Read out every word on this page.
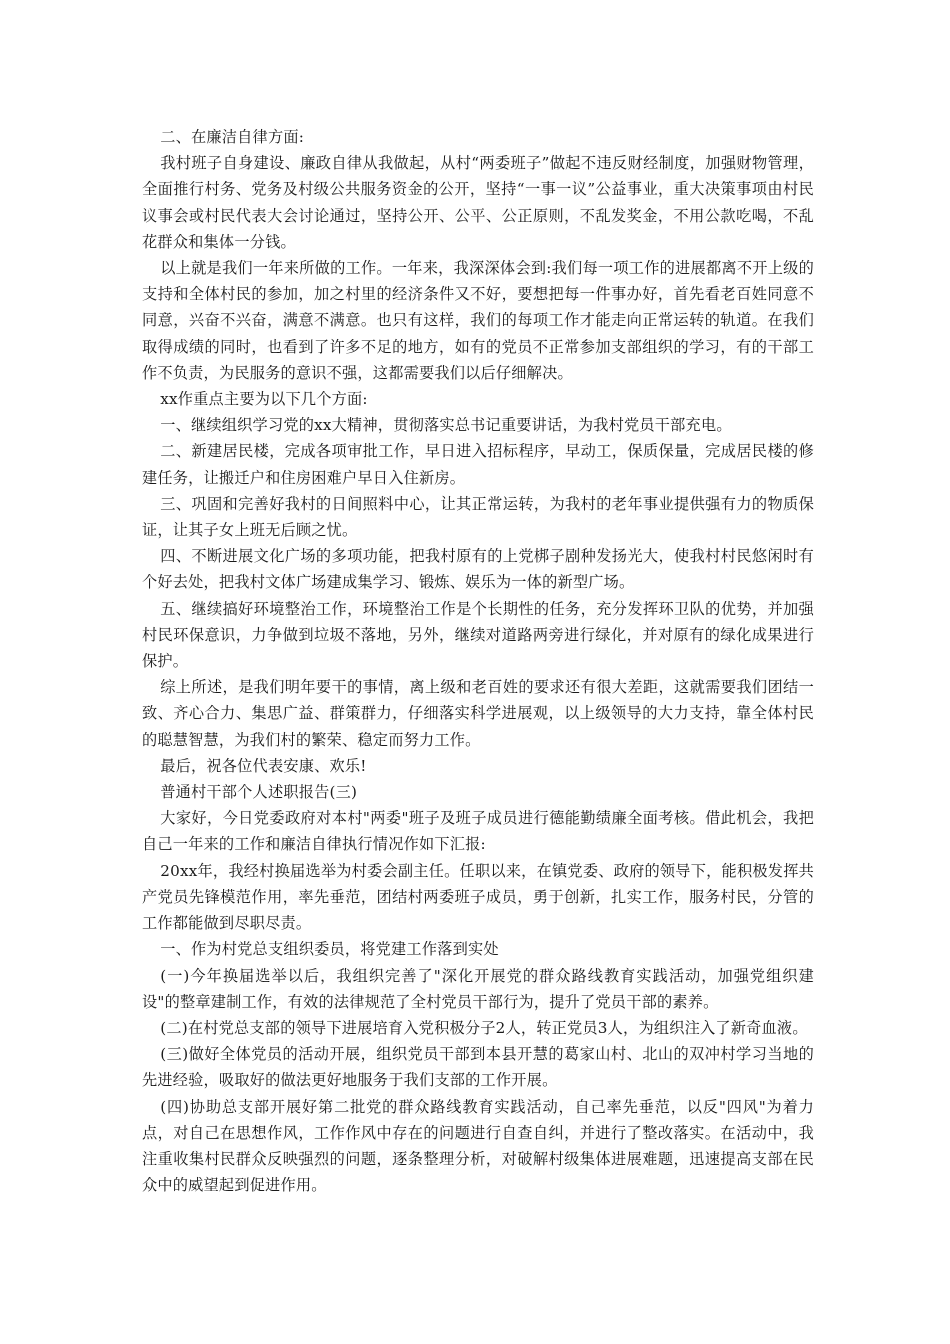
二、在廉洁自律方面:

我村班子自身建设、廉政自律从我做起，从村“两委班子”做起不违反财经制度，加强财物管理，全面推行村务、党务及村级公共服务资金的公开，坚持“一事一议”公益事业，重大决策事项由村民议事会或村民代表大会讨论通过，坚持公开、公平、公正原则，不乱发奖金，不用公款吃喝，不乱花群众和集体一分钱。

以上就是我们一年来所做的工作。一年来，我深深体会到:我们每一项工作的进展都离不开上级的支持和全体村民的参加，加之村里的经济条件又不好，要想把每一件事办好，首先看老百姓同意不同意，兴奋不兴奋，满意不满意。也只有这样，我们的每项工作才能走向正常运转的轨道。在我们取得成绩的同时，也看到了许多不足的地方，如有的党员不正常参加支部组织的学习，有的干部工作不负责，为民服务的意识不强，这都需要我们以后仔细解决。

xx作重点主要为以下几个方面:

一、继续组织学习党的xx大精神，贯彻落实总书记重要讲话，为我村党员干部充电。

二、新建居民楼，完成各项审批工作，早日进入招标程序，早动工，保质保量，完成居民楼的修建任务，让搬迁户和住房困难户早日入住新房。

三、巩固和完善好我村的日间照料中心，让其正常运转，为我村的老年事业提供强有力的物质保证，让其子女上班无后顾之忧。

四、不断进展文化广场的多项功能，把我村原有的上党梆子剧种发扬光大，使我村村民悠闲时有个好去处，把我村文体广场建成集学习、锻炼、娱乐为一体的新型广场。

五、继续搞好环境整治工作，环境整治工作是个长期性的任务，充分发挥环卫队的优势，并加强村民环保意识，力争做到垃圾不落地，另外，继续对道路两旁进行绿化，并对原有的绿化成果进行保护。

综上所述，是我们明年要干的事情，离上级和老百姓的要求还有很大差距，这就需要我们团结一致、齐心合力、集思广益、群策群力，仔细落实科学进展观，以上级领导的大力支持，靠全体村民的聪慧智慧，为我们村的繁荣、稳定而努力工作。

最后，祝各位代表安康、欢乐!

普通村干部个人述职报告(三)

大家好，今日党委政府对本村"两委"班子及班子成员进行德能勤绩廉全面考核。借此机会，我把自己一年来的工作和廉洁自律执行情况作如下汇报:

20xx年，我经村换届选举为村委会副主任。任职以来，在镇党委、政府的领导下，能积极发挥共产党员先锋模范作用，率先垂范，团结村两委班子成员，勇于创新，扎实工作，服务村民，分管的工作都能做到尽职尽责。

一、作为村党总支组织委员，将党建工作落到实处

(一)今年换届选举以后，我组织完善了"深化开展党的群众路线教育实践活动，加强党组织建设"的整章建制工作，有效的法律规范了全村党员干部行为，提升了党员干部的素养。

(二)在村党总支部的领导下进展培育入党积极分子2人，转正党员3人，为组织注入了新奇血液。

(三)做好全体党员的活动开展，组织党员干部到本县开慧的葛家山村、北山的双冲村学习当地的先进经验，吸取好的做法更好地服务于我们支部的工作开展。

(四)协助总支部开展好第二批党的群众路线教育实践活动，自己率先垂范，以反"四风"为着力点，对自己在思想作风，工作作风中存在的问题进行自查自纠，并进行了整改落实。在活动中，我注重收集村民群众反映强烈的问题，逐条整理分析，对破解村级集体进展难题，迅速提高支部在民众中的威望起到促进作用。
